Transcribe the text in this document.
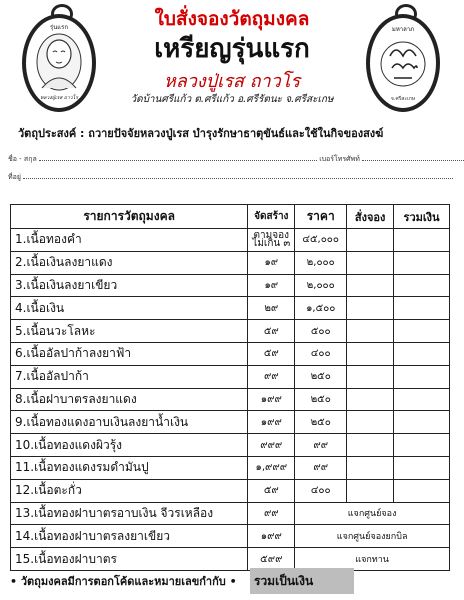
รุ่นแรก
หลวงปู่เรส ถาวโร	จ.ศรีสะเกษ
มหาลาภ
ใบสั่งจองวัตถุมงคล
เหรียญรุ่นแรก
หลวงปู่เรส ถาวโร
วัดบ้านศรีแก้ว ต.ศรีแก้ว อ.ศรีรัตนะ จ.ศรีสะเกษ
วัตถุประสงค์ : ถวายปัจจัยหลวงปู่เรส บำรุงรักษาธาตุขันธ์และใช้ในกิจของสงฆ์
ชื่อ - สกุล	เบอร์โทรศัพท์
ที่อยู่
รายการวัตถุมงคล	จัดสร้าง	ราคา	สั่งจอง	รวมเงิน
1.เนื้อทองคำ	ตามจอง ไม่เกิน ๓	๔๕,๐๐๐		
2.เนื้อเงินลงยาแดง	๑๙	๒,๐๐๐		
3.เนื้อเงินลงยาเขียว	๑๙	๒,๐๐๐		
4.เนื้อเงิน	๒๙	๑,๕๐๐		
5.เนื้อนวะโลหะ	๕๙	๕๐๐		
6.เนื้ออัลปาก้าลงยาฟ้า	๕๙	๔๐๐		
7.เนื้ออัลปาก้า	๙๙	๒๕๐		
8.เนื้อฝาบาตรลงยาแดง	๑๙๙	๒๕๐		
9.เนื้อทองแดงอาบเงินลงยาน้ำเงิน	๑๙๙	๒๕๐		
10.เนื้อทองแดงผิวรุ้ง	๙๙๙	๙๙		
11.เนื้อทองแดงรมดำมันปู	๑,๙๙๙	๙๙		
12.เนื้อตะกั่ว	๕๙	๔๐๐		
13.เนื้อทองฝาบาตรอาบเงิน จีวรเหลือง	๙๙	แจกศูนย์จอง		
14.เนื้อทองฝาบาตรลงยาเขียว	๑๙๙	แจกศูนย์จองยกบิล		
15.เนื้อทองฝาบาตร	๕๙๙	แจกทาน		
• วัตถุมงคลมีการตอกโค้ดและหมายเลขกำกับ •	รวมเป็นเงิน
